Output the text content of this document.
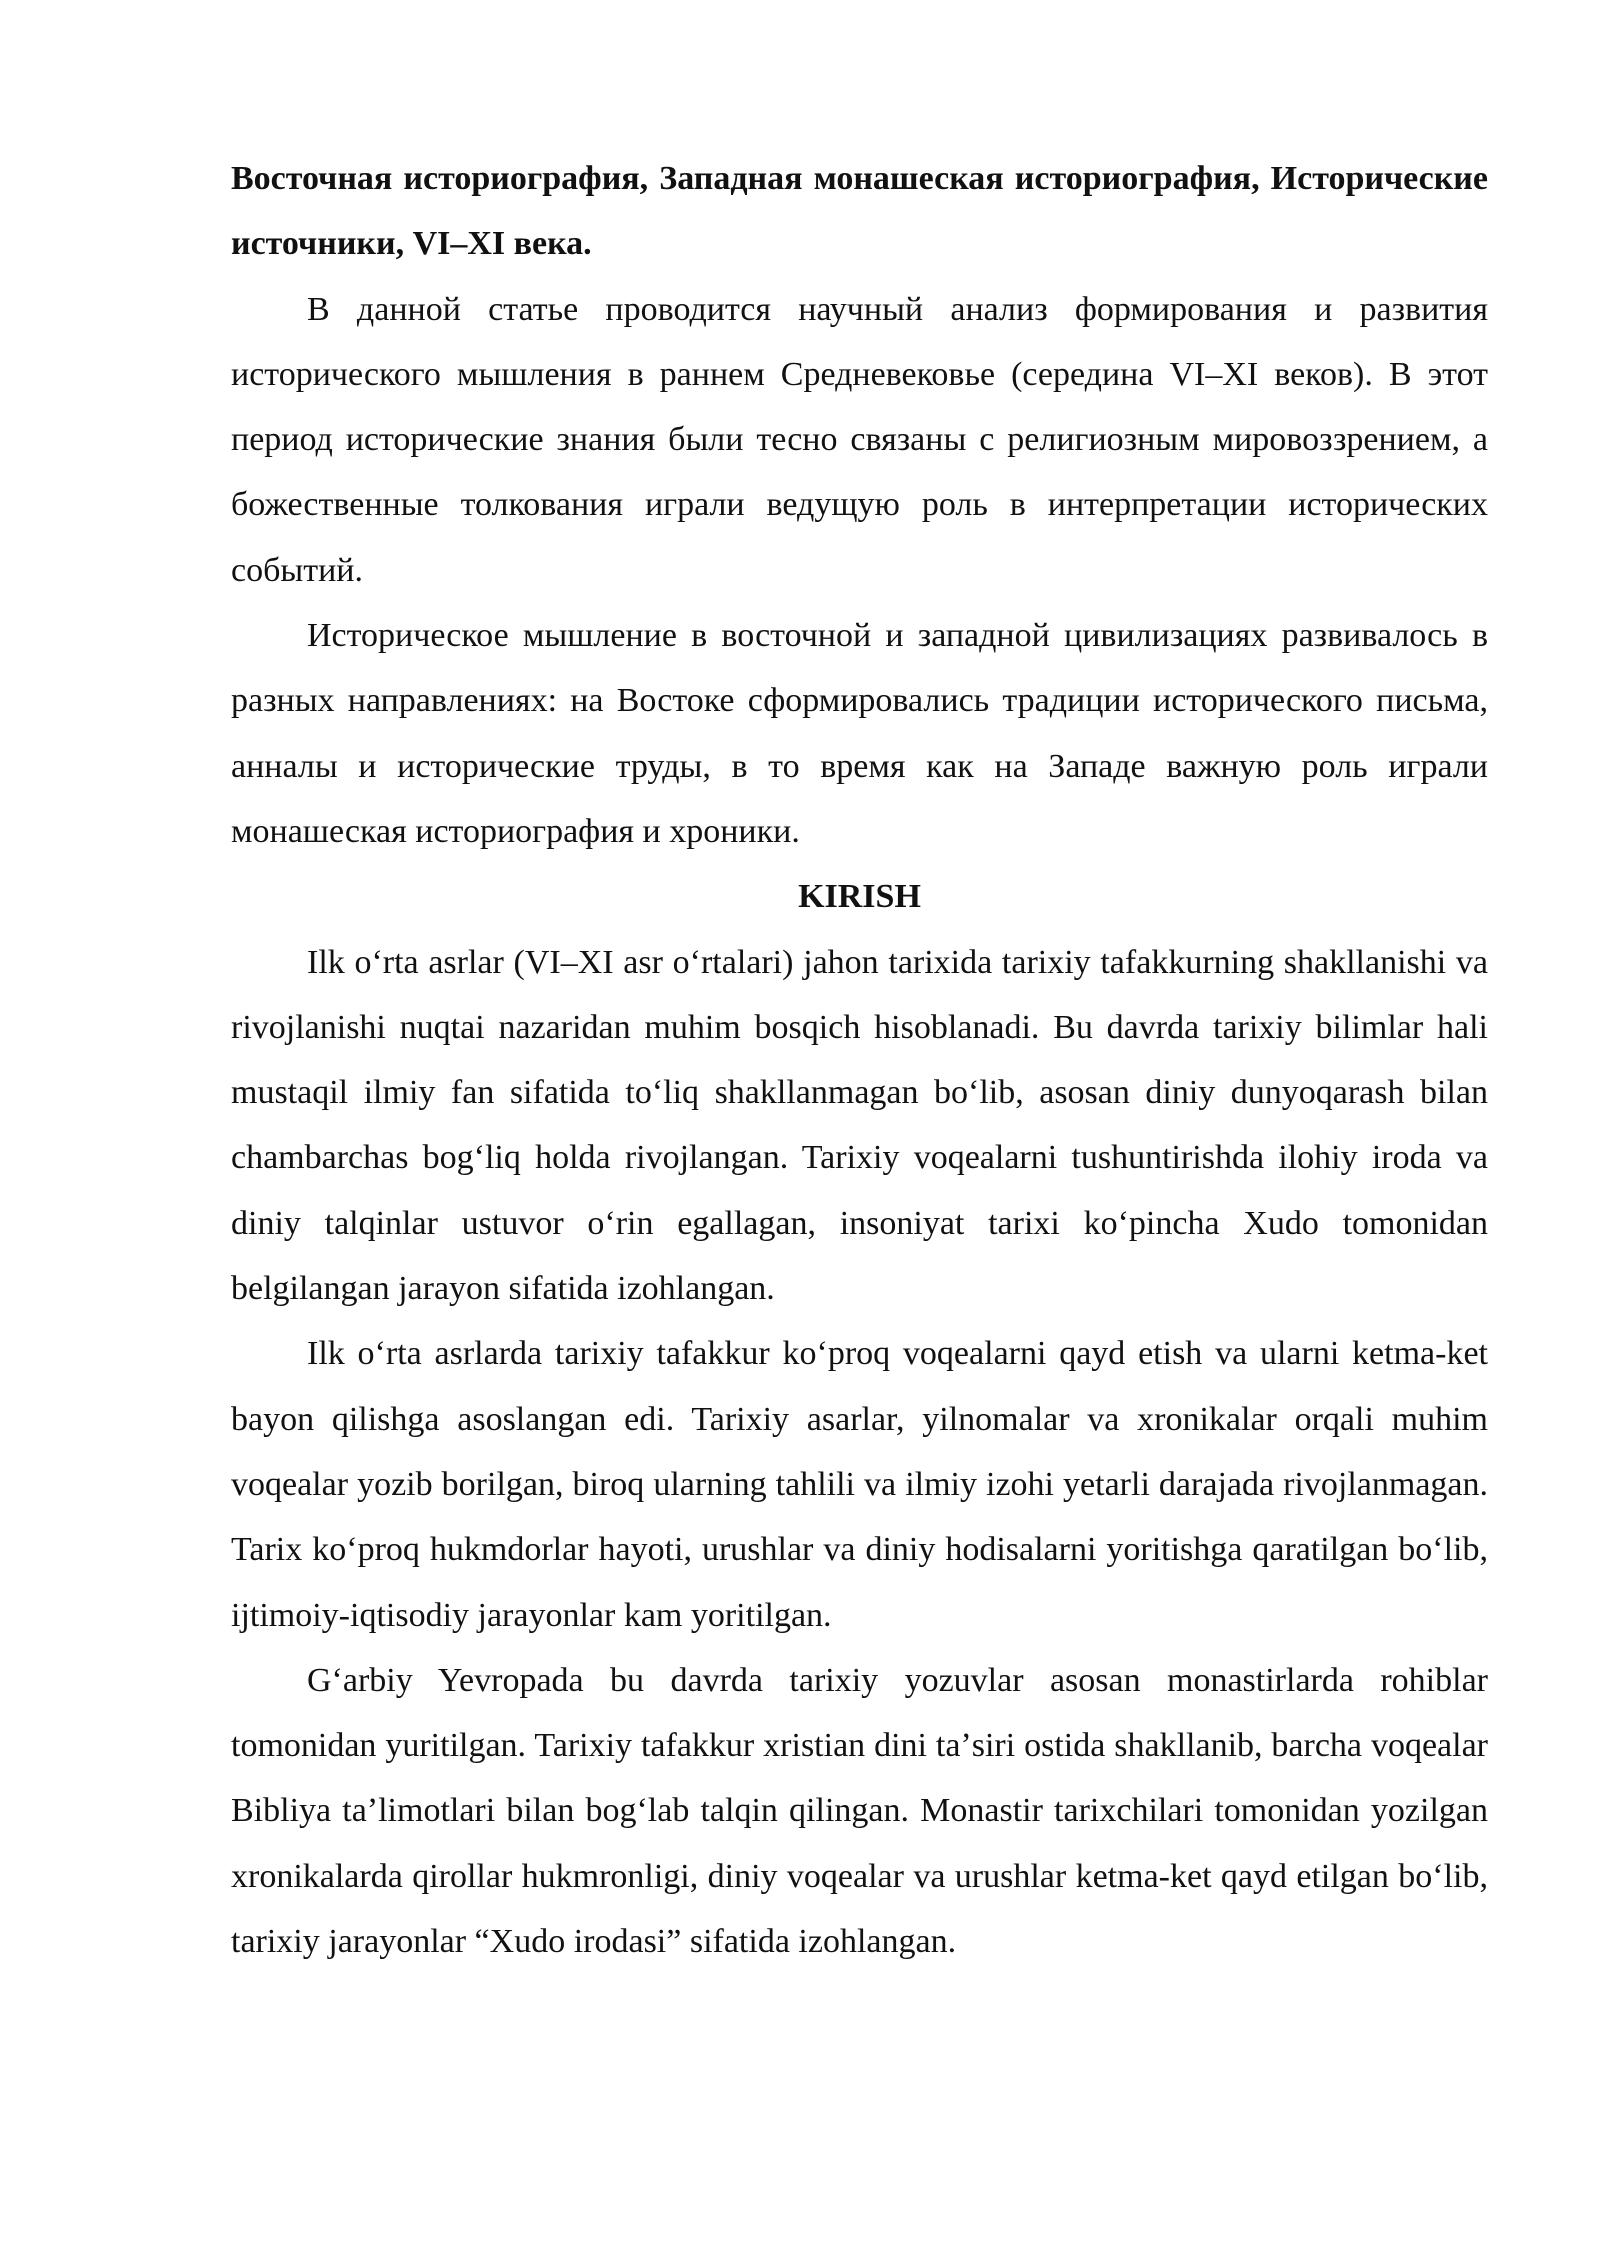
Восточная историография, Западная монашеская историография, Исторические источники, VI–XI века.

В данной статье проводится научный анализ формирования и развития исторического мышления в раннем Средневековье (середина VI–XI веков). В этот период исторические знания были тесно связаны с религиозным мировоззрением, а божественные толкования играли ведущую роль в интерпретации исторических событий.

Историческое мышление в восточной и западной цивилизациях развивалось в разных направлениях: на Востоке сформировались традиции исторического письма, анналы и исторические труды, в то время как на Западе важную роль играли монашеская историография и хроники.

KIRISH

Ilk oʻrta asrlar (VI–XI asr oʻrtalari) jahon tarixida tarixiy tafakkurning shakllanishi va rivojlanishi nuqtai nazaridan muhim bosqich hisoblanadi. Bu davrda tarixiy bilimlar hali mustaqil ilmiy fan sifatida toʻliq shakllanmagan boʻlib, asosan diniy dunyoqarash bilan chambarchas bogʻliq holda rivojlangan. Tarixiy voqealarni tushuntirishda ilohiy iroda va diniy talqinlar ustuvor oʻrin egallagan, insoniyat tarixi koʻpincha Xudo tomonidan belgilangan jarayon sifatida izohlangan.

Ilk oʻrta asrlarda tarixiy tafakkur koʻproq voqealarni qayd etish va ularni ketma-ket bayon qilishga asoslangan edi. Tarixiy asarlar, yilnomalar va xronikalar orqali muhim voqealar yozib borilgan, biroq ularning tahlili va ilmiy izohi yetarli darajada rivojlanmagan. Tarix koʻproq hukmdorlar hayoti, urushlar va diniy hodisalarni yoritishga qaratilgan boʻlib, ijtimoiy-iqtisodiy jarayonlar kam yoritilgan.

Gʻarbiy Yevropada bu davrda tarixiy yozuvlar asosan monastirlarda rohiblar tomonidan yuritilgan. Tarixiy tafakkur xristian dini taʼsiri ostida shakllanib, barcha voqealar Bibliya taʼlimotlari bilan bogʻlab talqin qilingan. Monastir tarixchilari tomonidan yozilgan xronikalarda qirollar hukmronligi, diniy voqealar va urushlar ketma-ket qayd etilgan boʻlib, tarixiy jarayonlar “Xudo irodasi” sifatida izohlangan.
